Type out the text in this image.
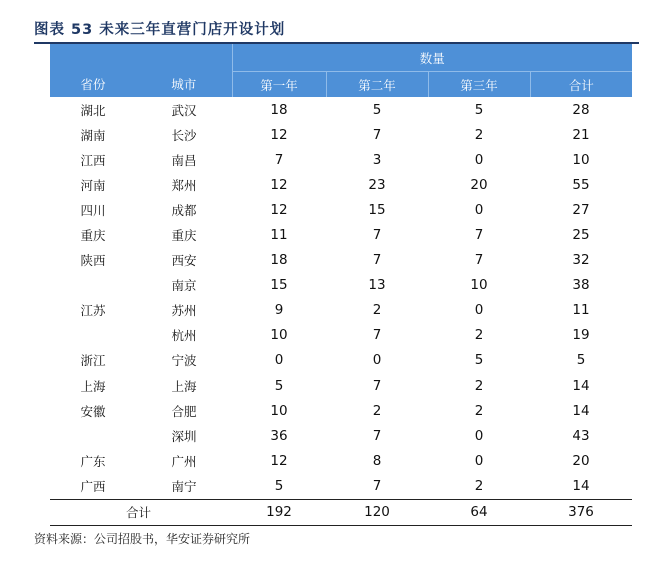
图表 53 未来三年直营门店开设计划
省份	城市	数量			
		第一年	第二年	第三年	合计
湖北	武汉	18	5	5	28
湖南	长沙	12	7	2	21
江西	南昌	7	3	0	10
河南	郑州	12	23	20	55
四川	成都	12	15	0	27
重庆	重庆	11	7	7	25
陕西	西安	18	7	7	32
	南京	15	13	10	38
江苏	苏州	9	2	0	11
	杭州	10	7	2	19
浙江	宁波	0	0	5	5
上海	上海	5	7	2	14
安徽	合肥	10	2	2	14
	深圳	36	7	0	43
广东	广州	12	8	0	20
广西	南宁	5	7	2	14
合计		192	120	64	376
资料来源：公司招股书，华安证券研究所
